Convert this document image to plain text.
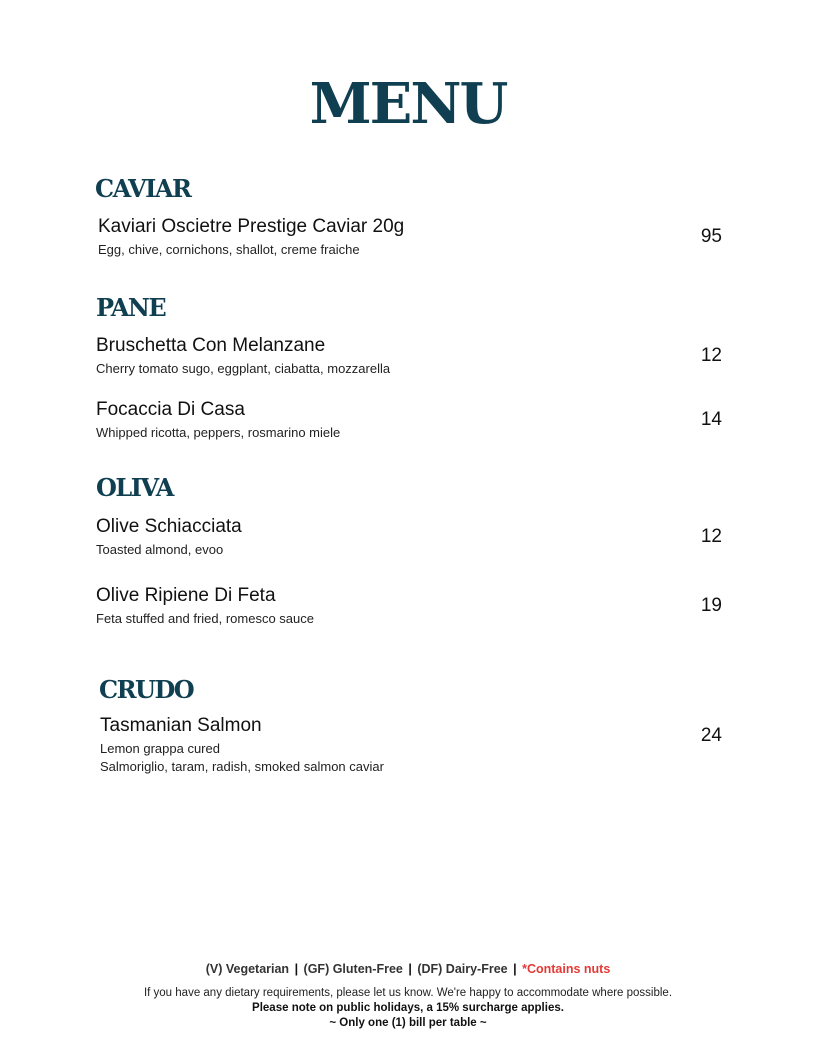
MENU
CAVIAR

Kaviari Oscietre Prestige Caviar 20g

Egg, chive, cornichons, shallot, creme fraiche

95

PANE

Bruschetta Con Melanzane

Cherry tomato sugo, eggplant, ciabatta, mozzarella

12

Focaccia Di Casa

Whipped ricotta, peppers, rosmarino miele

14

OLIVA

Olive Schiacciata

Toasted almond, evoo

12

Olive Ripiene Di Feta

Feta stuffed and fried, romesco sauce

19

CRUDO

Tasmanian Salmon

Lemon grappa cured

Salmoriglio, taram, radish, smoked salmon caviar

24

(V) Vegetarian | (GF) Gluten-Free | (DF) Dairy-Free | *Contains nuts

If you have any dietary requirements, please let us know. We're happy to accommodate where possible.

Please note on public holidays, a 15% surcharge applies.

~ Only one (1) bill per table ~
